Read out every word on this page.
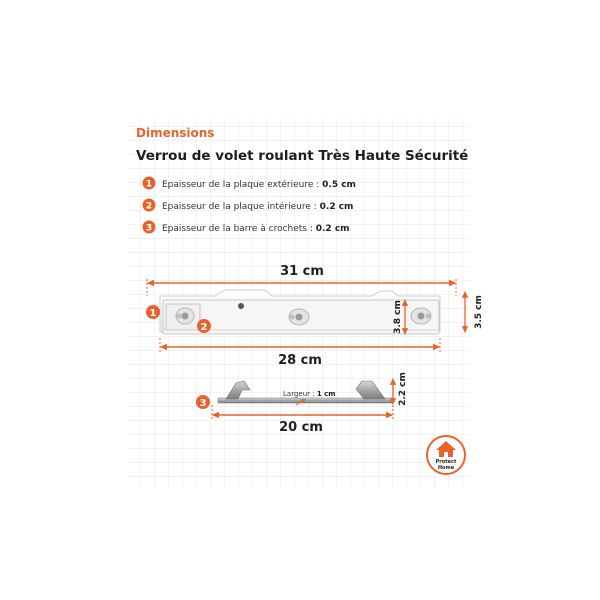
Dimensions
Verrou de volet roulant Très Haute Sécurité
1 Epaisseur de la plaque extérieure : 0.5 cm
2 Epaisseur de la plaque intérieure : 0.2 cm
3 Epaisseur de la barre à crochets : 0.2 cm
31 cm
1
2	3.8 cm	3.5 cm
28 cm
Largeur : 1 cm
3	2.2 cm
20 cm
Protect
Home
